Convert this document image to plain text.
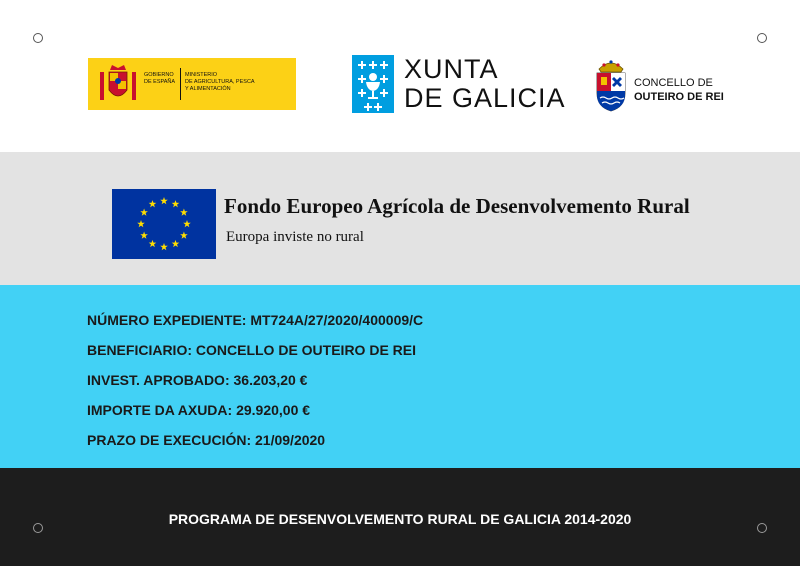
GOBIERNO
DE ESPAÑA
MINISTERIO
DE AGRICULTURA, PESCA
Y ALIMENTACIÓN
XUNTA
DE GALICIA	CONCELLO DE
OUTEIRO DE REI
Fondo Europeo Agrícola de Desenvolvemento Rural
Europa inviste no rural
NÚMERO EXPEDIENTE: MT724A/27/2020/400009/C
BENEFICIARIO: CONCELLO DE OUTEIRO DE REI
INVEST. APROBADO: 36.203,20 €
IMPORTE DA AXUDA: 29.920,00 €
PRAZO DE EXECUCIÓN: 21/09/2020
PROGRAMA DE DESENVOLVEMENTO RURAL DE GALICIA 2014-2020
